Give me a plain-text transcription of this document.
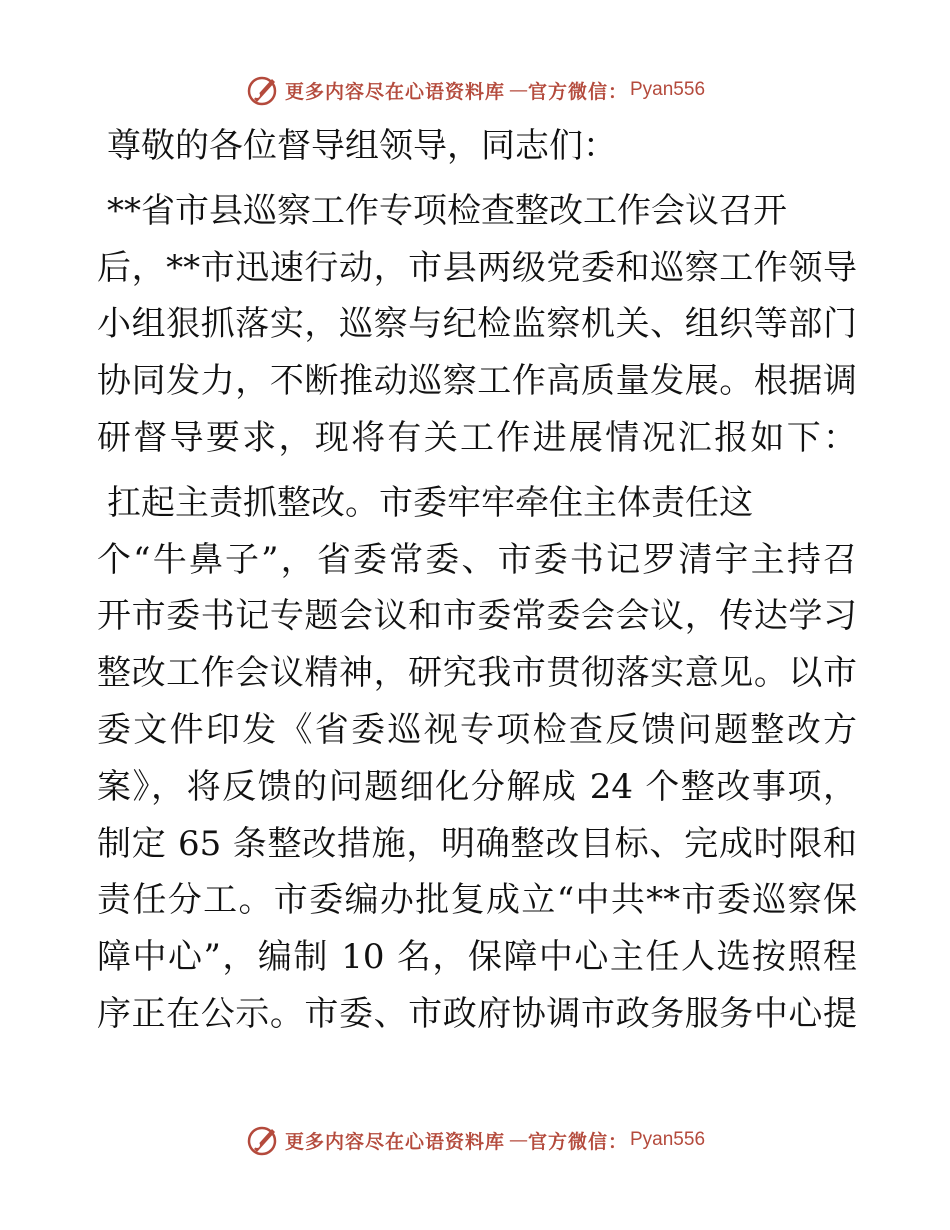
更多内容尽在心语资料库 — 官方微信： Pyan556
尊敬的各位督导组领导，同志们：
**省市县巡察工作专项检查整改工作会议召开
后，**市迅速行动，市县两级党委和巡察工作领导
小组狠抓落实，巡察与纪检监察机关、组织等部门
协同发力，不断推动巡察工作高质量发展。根据调
研督导要求，现将有关工作进展情况汇报如下：
扛起主责抓整改。市委牢牢牵住主体责任这
个“牛鼻子”，省委常委、市委书记罗清宇主持召
开市委书记专题会议和市委常委会会议，传达学习
整改工作会议精神，研究我市贯彻落实意见。以市
委文件印发《省委巡视专项检查反馈问题整改方
案》，将反馈的问题细化分解成 24 个整改事项，
制定 65 条整改措施，明确整改目标、完成时限和
责任分工。市委编办批复成立“中共**市委巡察保
障中心”，编制 10 名，保障中心主任人选按照程
序正在公示。市委、市政府协调市政务服务中心提
更多内容尽在心语资料库 — 官方微信： Pyan556
